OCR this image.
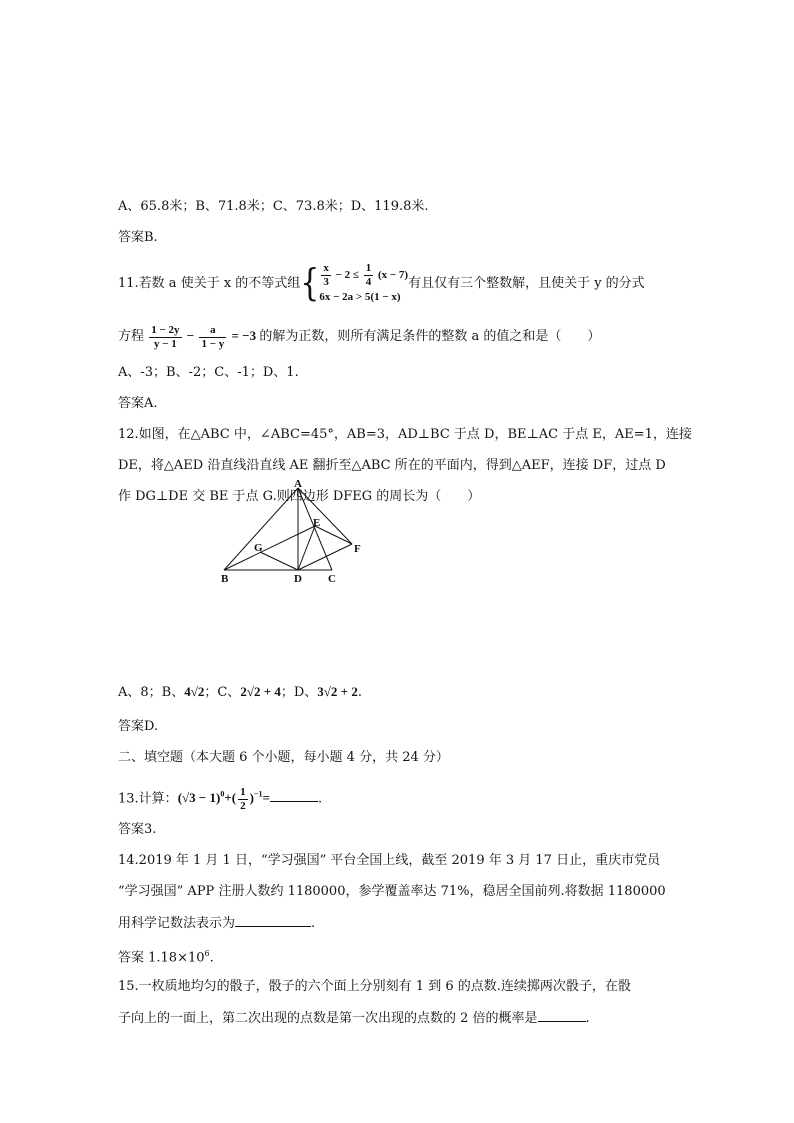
A、65.8米；B、71.8米；C、73.8米；D、119.8米.
答案B.
11.若数 a 使关于 x 的不等式组{ $\frac{x}{3} - 2 \le \frac{1}{4} (x - 7)$
6x − 2a > 5(1 − x)
有且仅有三个整数解，且使关于 y 的分式
方程 $\frac{1 - 2y}{y - 1} - \frac{a}{1 - y} = -3$ 的解为正数，则所有满足条件的整数 a 的值之和是（　　）
A、-3；B、-2；C、-1；D、1.
答案A.
12.如图，在△ABC 中，∠ABC=45°，AB=3，AD⊥BC 于点 D，BE⊥AC 于点 E，AE=1，连接
DE，将△AED 沿直线沿直线 AE 翻折至△ABC 所在的平面内，得到△AEF，连接 DF，过点 D
作 DG⊥DE 交 BE 于点 G.则四边形 DFEG 的周长为（　　）
A
B	C
D
E
F
G
A、8；B、4√2；C、2√2 + 4；D、3√2 + 2.
答案D.
二、填空题（本大题 6 个小题，每小题 4 分，共 24 分）
13.计算：$(√3 - 1)^0+( \frac{1}{2} )^{-1}=$	.
答案3.
14.2019 年 1 月 1 日，“学习强国” 平台全国上线，截至 2019 年 3 月 17 日止，重庆市党员
“学习强国” APP 注册人数约 1180000，参学覆盖率达 71%，稳居全国前列.将数据 1180000
用科学记数法表示为	.
答案 $1.18\times 10^6$.
15.一枚质地均匀的骰子，骰子的六个面上分别刻有 1 到 6 的点数.连续掷两次骰子，在骰
子向上的一面上，第二次出现的点数是第一次出现的点数的 2 倍的概率是	.
